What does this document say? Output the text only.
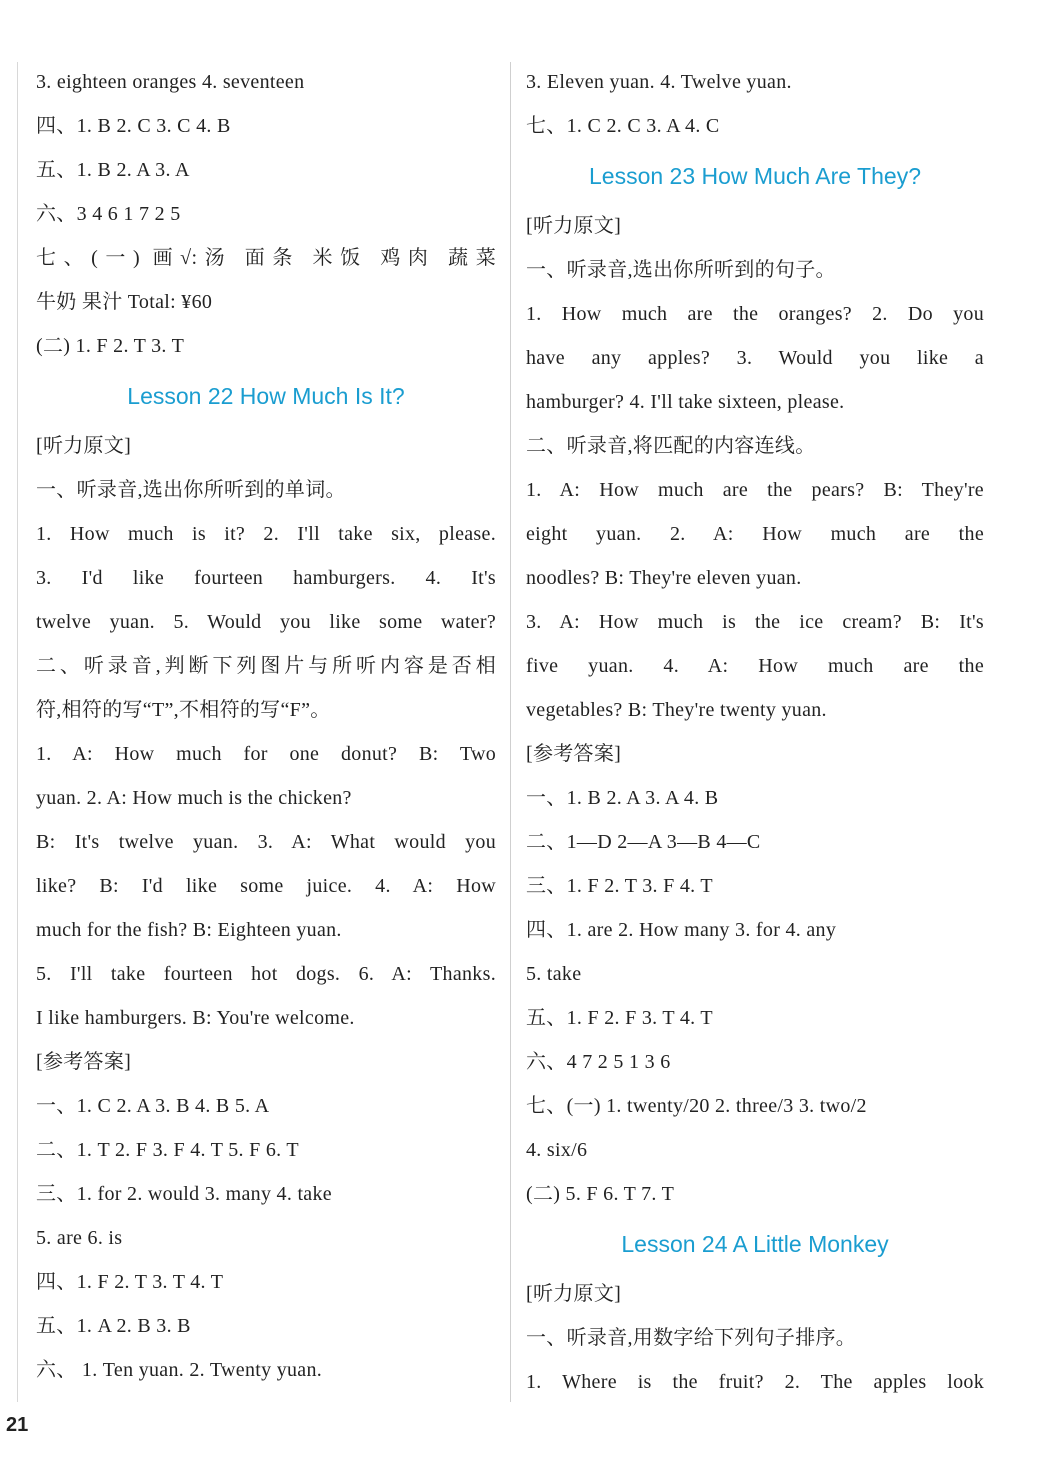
3. eighteen oranges 4. seventeen
四、1. B 2. C 3. C 4. B
五、1. B 2. A 3. A
六、3 4 6 1 7 2 5
七、(一) 画√:汤 面条 米饭 鸡肉 蔬菜
牛奶 果汁 Total: ¥60
(二) 1. F 2. T 3. T
Lesson 22 How Much Is It?
[听力原文]
一、听录音,选出你所听到的单词。
1. How much is it? 2. I'll take six, please.
3. I'd like fourteen hamburgers. 4. It's
twelve yuan. 5. Would you like some water?
二、听录音,判断下列图片与所听内容是否相
符,相符的写“T”,不相符的写“F”。
1. A: How much for one donut? B: Two
yuan. 2. A: How much is the chicken?
B: It's twelve yuan. 3. A: What would you
like? B: I'd like some juice. 4. A: How
much for the fish? B: Eighteen yuan.
5. I'll take fourteen hot dogs. 6. A: Thanks.
I like hamburgers. B: You're welcome.
[参考答案]
一、1. C 2. A 3. B 4. B 5. A
二、1. T 2. F 3. F 4. T 5. F 6. T
三、1. for 2. would 3. many 4. take
5. are 6. is
四、1. F 2. T 3. T 4. T
五、1. A 2. B 3. B
六、 1. Ten yuan. 2. Twenty yuan.
3. Eleven yuan. 4. Twelve yuan.
七、1. C 2. C 3. A 4. C
Lesson 23 How Much Are They?
[听力原文]
一、听录音,选出你所听到的句子。
1. How much are the oranges? 2. Do you
have any apples? 3. Would you like a
hamburger? 4. I'll take sixteen, please.
二、听录音,将匹配的内容连线。
1. A: How much are the pears? B: They're
eight yuan. 2. A: How much are the
noodles? B: They're eleven yuan.
3. A: How much is the ice cream? B: It's
five yuan. 4. A: How much are the
vegetables? B: They're twenty yuan.
[参考答案]
一、1. B 2. A 3. A 4. B
二、1—D 2—A 3—B 4—C
三、1. F 2. T 3. F 4. T
四、1. are 2. How many 3. for 4. any
5. take
五、1. F 2. F 3. T 4. T
六、4 7 2 5 1 3 6
七、(一) 1. twenty/20 2. three/3 3. two/2
4. six/6
(二) 5. F 6. T 7. T
Lesson 24 A Little Monkey
[听力原文]
一、听录音,用数字给下列句子排序。
1. Where is the fruit? 2. The apples look
21
